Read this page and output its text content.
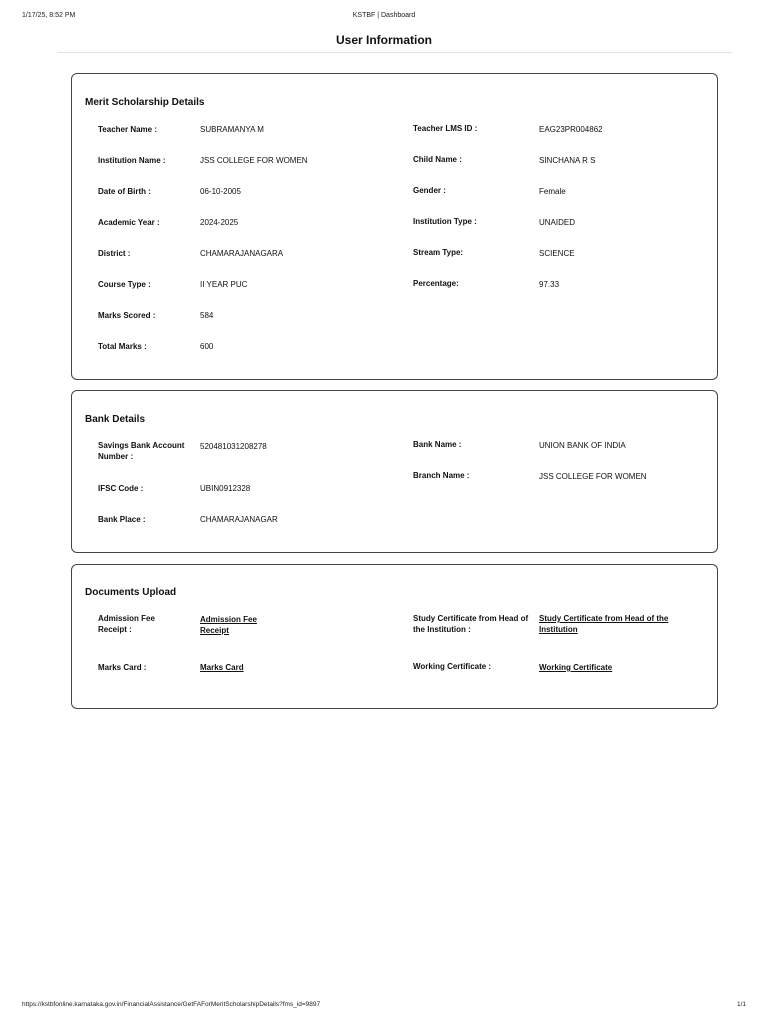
1/17/25, 8:52 PM	KSTBF | Dashboard
User Information
Merit Scholarship Details
Teacher Name :	SUBRAMANYA M
Institution Name :	JSS COLLEGE FOR WOMEN
Date of Birth :	06-10-2005
Academic Year :	2024-2025
District :	CHAMARAJANAGARA
Course Type :	II YEAR PUC
Marks Scored :	584
Total Marks :	600
Teacher LMS ID :	EAG23PR004862
Child Name :	SINCHANA R S
Gender :	Female
Institution Type :	UNAIDED
Stream Type:	SCIENCE
Percentage:	97.33
Bank Details
Savings Bank Account Number :
520481031208278
IFSC Code :	UBIN0912328
Bank Place :	CHAMARAJANAGAR
Bank Name :	UNION BANK OF INDIA
Branch Name :	JSS COLLEGE FOR WOMEN
Documents Upload
Admission Fee Receipt :
Admission Fee Receipt
Study Certificate from Head of the Institution :
Study Certificate from Head of the Institution
Marks Card :	Marks Card	Working Certificate :	Working Certificate
https://kstbfonline.karnataka.gov.in/FinancialAssistance/GetFAForMeritScholarshipDetails?fms_id=9897	1/1
